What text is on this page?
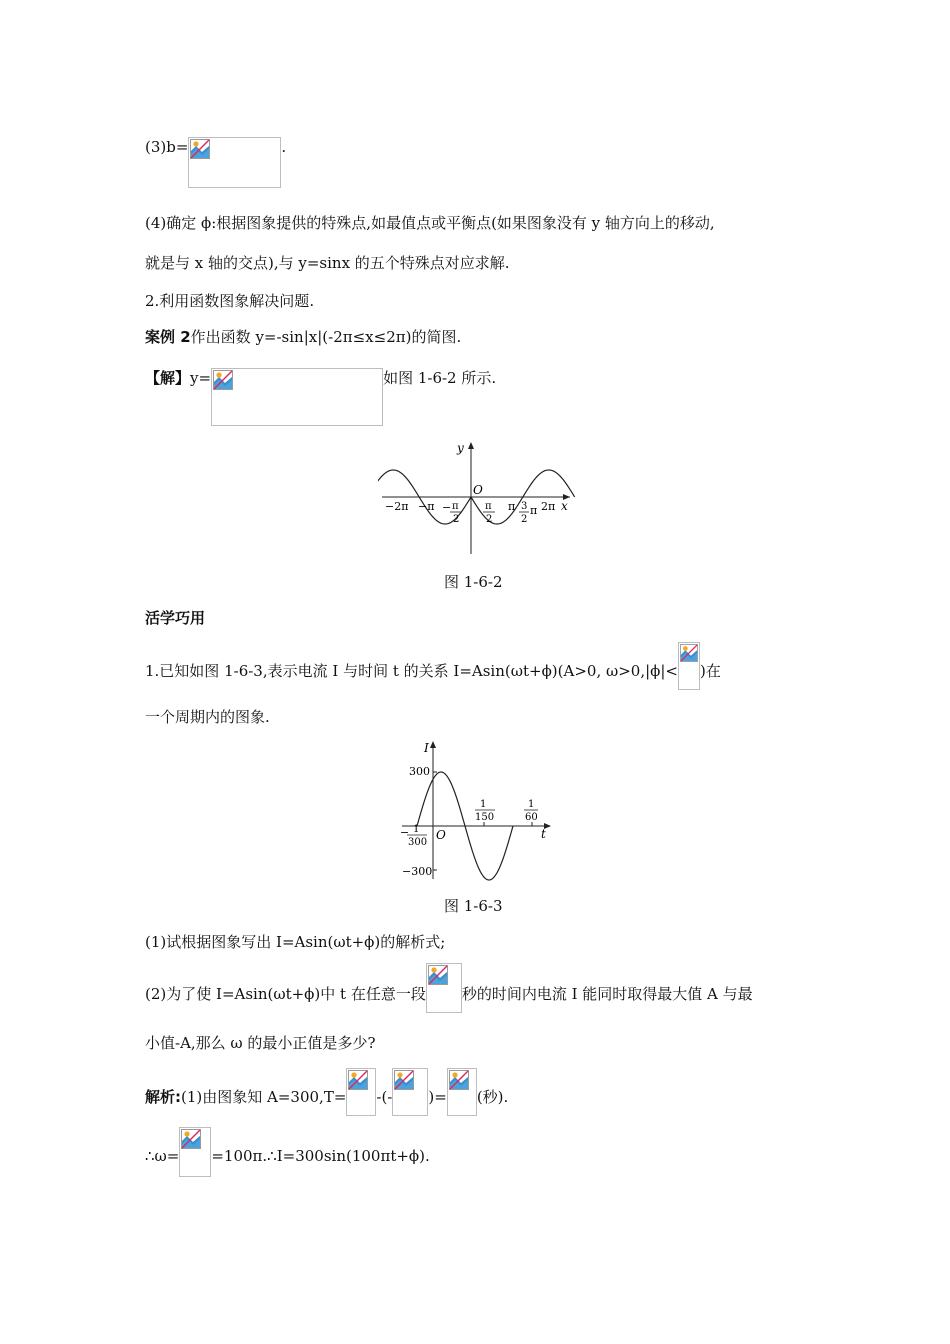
(3)b=	.
(4)确定 ϕ:根据图象提供的特殊点,如最值点或平衡点(如果图象没有 y 轴方向上的移动,
就是与 x 轴的交点),与 y=sinx 的五个特殊点对应求解.
2.利用函数图象解决问题.
案例 2作出函数 y=-sin|x|(-2π≤x≤2π)的简图.
【解】y=	如图 1-6-2 所示.
y
x
O
−2π −π − π
2
π
2
π 3
2
π 2π
图 1-6-2
活学巧用
1.已知如图 1-6-3,表示电流 I 与时间 t 的关系 I=Asin(ωt+ϕ)(A>0, ω>0,|ϕ|< )在
一个周期内的图象.
I
t
O
300
−300
1
150
1
60
− 1
300
图 1-6-3
(1)试根据图象写出 I=Asin(ωt+ϕ)的解析式;
(2)为了使 I=Asin(ωt+ϕ)中 t 在任意一段 秒的时间内电流 I 能同时取得最大值 A 与最
小值-A,那么 ω 的最小正值是多少?
解析:(1)由图象知 A=300,T= -(- )= (秒).
∴ω= =100π.∴I=300sin(100πt+ϕ).
